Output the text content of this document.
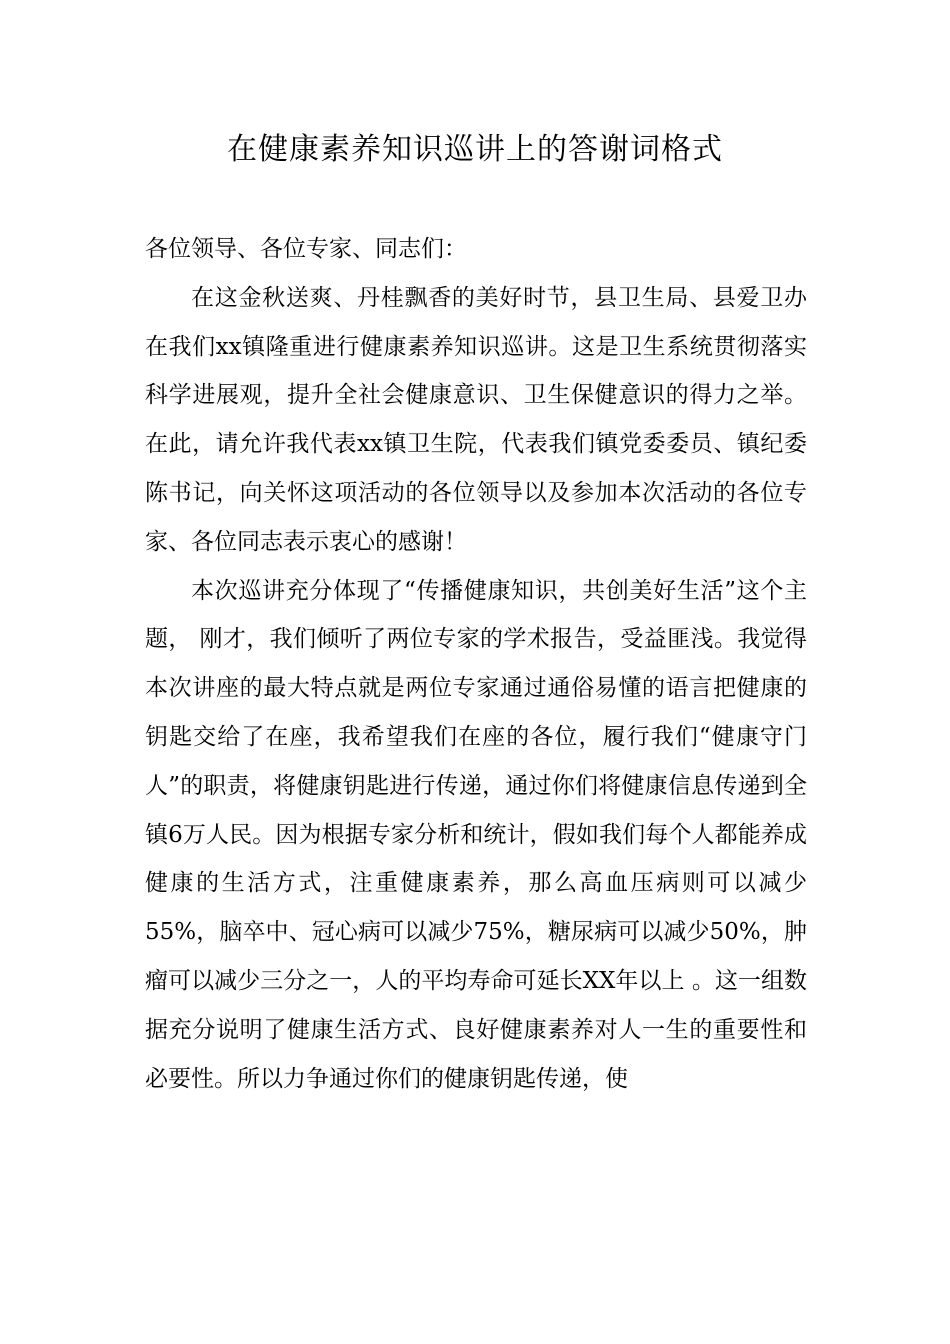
在健康素养知识巡讲上的答谢词格式

各位领导、各位专家、同志们：

在这金秋送爽、丹桂飘香的美好时节，县卫生局、县爱卫办在我们xx镇隆重进行健康素养知识巡讲。这是卫生系统贯彻落实科学进展观，提升全社会健康意识、卫生保健意识的得力之举。在此，请允许我代表xx镇卫生院，代表我们镇党委委员、镇纪委陈书记，向关怀这项活动的各位领导以及参加本次活动的各位专家、各位同志表示衷心的感谢！

本次巡讲充分体现了“传播健康知识，共创美好生活”这个主题， 刚才，我们倾听了两位专家的学术报告，受益匪浅。我觉得本次讲座的最大特点就是两位专家通过通俗易懂的语言把健康的钥匙交给了在座，我希望我们在座的各位，履行我们“健康守门人”的职责，将健康钥匙进行传递，通过你们将健康信息传递到全镇6万人民。因为根据专家分析和统计，假如我们每个人都能养成健康的生活方式，注重健康素养，那么高血压病则可以减少55%，脑卒中、冠心病可以减少75%，糖尿病可以减少50%，肿瘤可以减少三分之一，人的平均寿命可延长XX年以上 。这一组数据充分说明了健康生活方式、良好健康素养对人一生的重要性和必要性。所以力争通过你们的健康钥匙传递，使
